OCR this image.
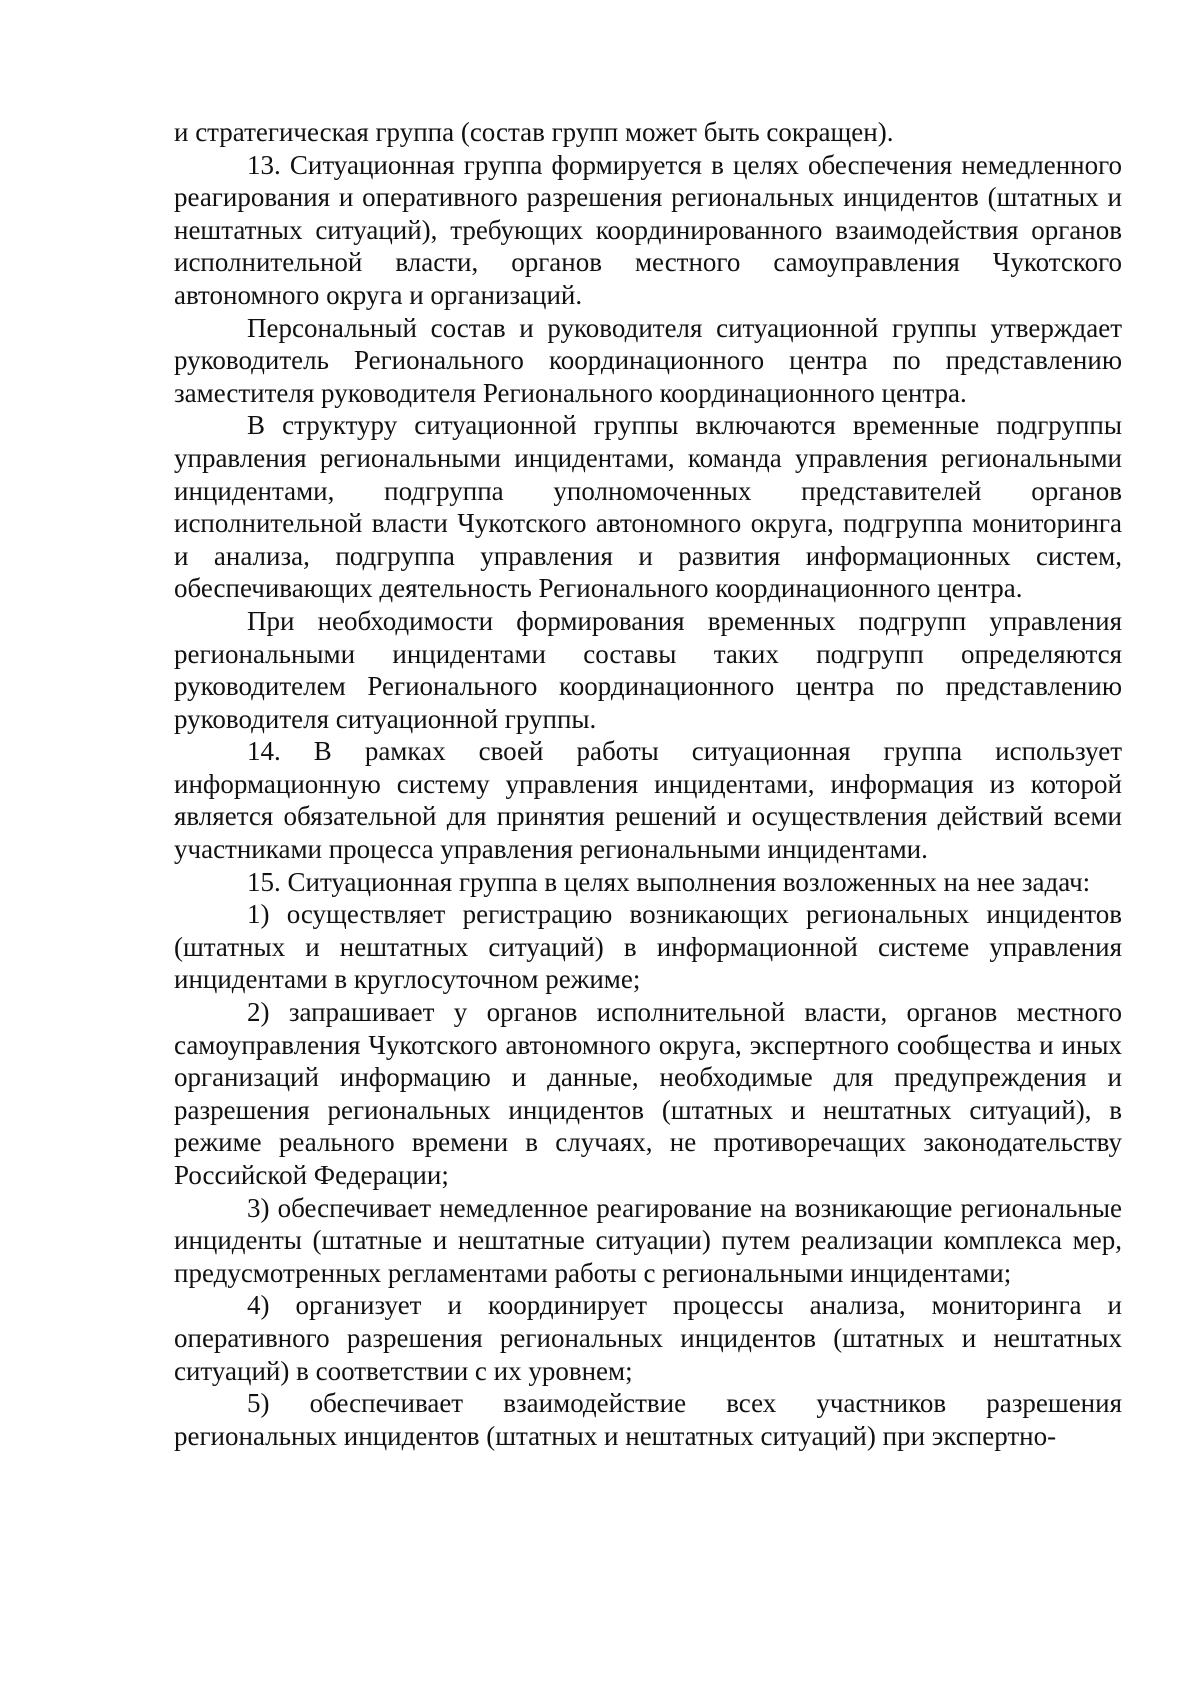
и стратегическая группа (состав групп может быть сокращен).

13. Ситуационная группа формируется в целях обеспечения немедленного реагирования и оперативного разрешения региональных инцидентов (штатных и нештатных ситуаций), требующих координированного взаимодействия органов исполнительной власти, органов местного самоуправления Чукотского автономного округа и организаций.

Персональный состав и руководителя ситуационной группы утверждает руководитель Регионального координационного центра по представлению заместителя руководителя Регионального координационного центра.

В структуру ситуационной группы включаются временные подгруппы управления региональными инцидентами, команда управления региональными инцидентами, подгруппа уполномоченных представителей органов исполнительной власти Чукотского автономного округа, подгруппа мониторинга и анализа, подгруппа управления и развития информационных систем, обеспечивающих деятельность Регионального координационного центра.

При необходимости формирования временных подгрупп управления региональными инцидентами составы таких подгрупп определяются руководителем Регионального координационного центра по представлению руководителя ситуационной группы.

14. В рамках своей работы ситуационная группа использует информационную систему управления инцидентами, информация из которой является обязательной для принятия решений и осуществления действий всеми участниками процесса управления региональными инцидентами.

15. Ситуационная группа в целях выполнения возложенных на нее задач:

1) осуществляет регистрацию возникающих региональных инцидентов (штатных и нештатных ситуаций) в информационной системе управления инцидентами в круглосуточном режиме;

2) запрашивает у органов исполнительной власти, органов местного самоуправления Чукотского автономного округа, экспертного сообщества и иных организаций информацию и данные, необходимые для предупреждения и разрешения региональных инцидентов (штатных и нештатных ситуаций), в режиме реального времени в случаях, не противоречащих законодательству Российской Федерации;

3) обеспечивает немедленное реагирование на возникающие региональные инциденты (штатные и нештатные ситуации) путем реализации комплекса мер, предусмотренных регламентами работы с региональными инцидентами;

4) организует и координирует процессы анализа, мониторинга и оперативного разрешения региональных инцидентов (штатных и нештатных ситуаций) в соответствии с их уровнем;

5) обеспечивает взаимодействие всех участников разрешения региональных инцидентов (штатных и нештатных ситуаций) при экспертно-
